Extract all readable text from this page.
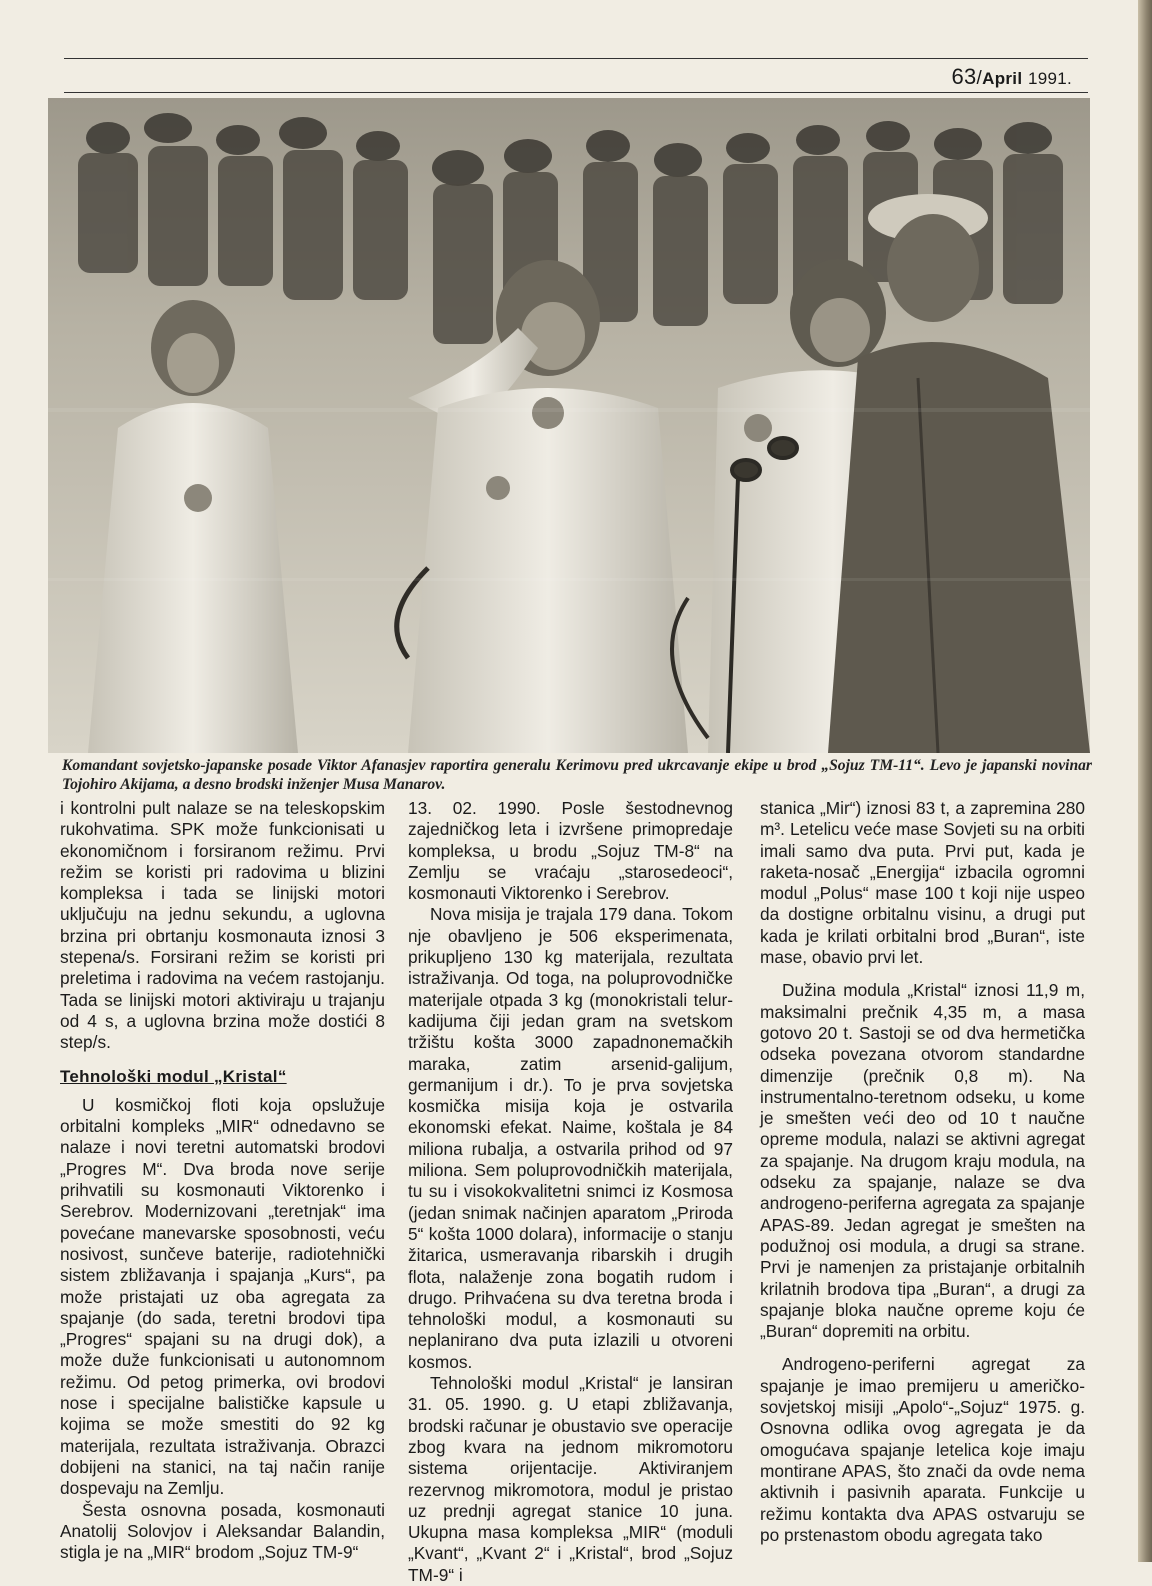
63/April 1991.
Komandant sovjetsko-japanske posade Viktor Afanasjev raportira generalu Kerimovu pred ukrcavanje ekipe u brod „Sojuz TM-11“. Levo je japanski novinar Tojohiro Akijama, a desno brodski inženjer Musa Manarov.

i kontrolni pult nalaze se na teleskopskim rukohvatima. SPK može funkcionisati u ekonomičnom i forsiranom režimu. Prvi režim se koristi pri radovima u blizini kompleksa i tada se linijski motori uključuju na jednu sekundu, a uglovna brzina pri obrtanju kosmonauta iznosi 3 stepena/s. Forsirani režim se koristi pri preletima i radovima na većem rastojanju. Tada se linijski motori aktiviraju u trajanju od 4 s, a uglovna brzina može dostići 8 step/s.

Tehnološki modul „Kristal“

U kosmičkoj floti koja opslužuje orbitalni kompleks „MIR“ odnedavno se nalaze i novi teretni automatski brodovi „Progres M“. Dva broda nove serije prihvatili su kosmonauti Viktorenko i Serebrov. Modernizovani „teretnjak“ ima povećane manevarske sposobnosti, veću nosivost, sunčeve baterije, radiotehnički sistem zbližavanja i spajanja „Kurs“, pa može pristajati uz oba agregata za spajanje (do sada, teretni brodovi tipa „Progres“ spajani su na drugi dok), a može duže funkcionisati u autonomnom režimu. Od petog primerka, ovi brodovi nose i specijalne balističke kapsule u kojima se može smestiti do 92 kg materijala, rezultata istraživanja. Obrazci dobijeni na stanici, na taj način ranije dospevaju na Zemlju.

Šesta osnovna posada, kosmonauti Anatolij Solovjov i Aleksandar Balandin, stigla je na „MIR“ brodom „Sojuz TM-9“

13. 02. 1990. Posle šestodnevnog zajedničkog leta i izvršene primopredaje kompleksa, u brodu „Sojuz TM-8“ na Zemlju se vraćaju „starosedeoci“, kosmonauti Viktorenko i Serebrov.

Nova misija je trajala 179 dana. Tokom nje obavljeno je 506 eksperimenata, prikupljeno 130 kg materijala, rezultata istraživanja. Od toga, na poluprovodničke materijale otpada 3 kg (monokristali telur-kadijuma čiji jedan gram na svetskom tržištu košta 3000 zapadnonemačkih maraka, zatim arsenid-galijum, germanijum i dr.). To je prva sovjetska kosmička misija koja je ostvarila ekonomski efekat. Naime, koštala je 84 miliona rubalja, a ostvarila prihod od 97 miliona. Sem poluprovodničkih materijala, tu su i visokokvalitetni snimci iz Kosmosa (jedan snimak načinjen aparatom „Priroda 5“ košta 1000 dolara), informacije o stanju žitarica, usmeravanja ribarskih i drugih flota, nalaženje zona bogatih rudom i drugo. Prihvaćena su dva teretna broda i tehnološki modul, a kosmonauti su neplanirano dva puta izlazili u otvoreni kosmos.

Tehnološki modul „Kristal“ je lansiran 31. 05. 1990. g. U etapi zbližavanja, brodski računar je obustavio sve operacije zbog kvara na jednom mikromotoru sistema orijentacije. Aktiviranjem rezervnog mikromotora, modul je pristao uz prednji agregat stanice 10 juna. Ukupna masa kompleksa „MIR“ (moduli „Kvant“, „Kvant 2“ i „Kristal“, brod „Sojuz TM-9“ i

stanica „Mir“) iznosi 83 t, a zapremina 280 m³. Letelicu veće mase Sovjeti su na orbiti imali samo dva puta. Prvi put, kada je raketa-nosač „Energija“ izbacila ogromni modul „Polus“ mase 100 t koji nije uspeo da dostigne orbitalnu visinu, a drugi put kada je krilati orbitalni brod „Buran“, iste mase, obavio prvi let.

Dužina modula „Kristal“ iznosi 11,9 m, maksimalni prečnik 4,35 m, a masa gotovo 20 t. Sastoji se od dva hermetička odseka povezana otvorom standardne dimenzije (prečnik 0,8 m). Na instrumentalno-teretnom odseku, u kome je smešten veći deo od 10 t naučne opreme modula, nalazi se aktivni agregat za spajanje. Na drugom kraju modula, na odseku za spajanje, nalaze se dva androgeno-periferna agregata za spajanje APAS-89. Jedan agregat je smešten na podužnoj osi modula, a drugi sa strane. Prvi je namenjen za pristajanje orbitalnih krilatnih brodova tipa „Buran“, a drugi za spajanje bloka naučne opreme koju će „Buran“ dopremiti na orbitu.

Androgeno-periferni agregat za spajanje je imao premijeru u američko-sovjetskoj misiji „Apolo“-„Sojuz“ 1975. g. Osnovna odlika ovog agregata je da omogućava spajanje letelica koje imaju montirane APAS, što znači da ovde nema aktivnih i pasivnih aparata. Funkcije u režimu kontakta dva APAS ostvaruju se po prstenastom obodu agregata tako
